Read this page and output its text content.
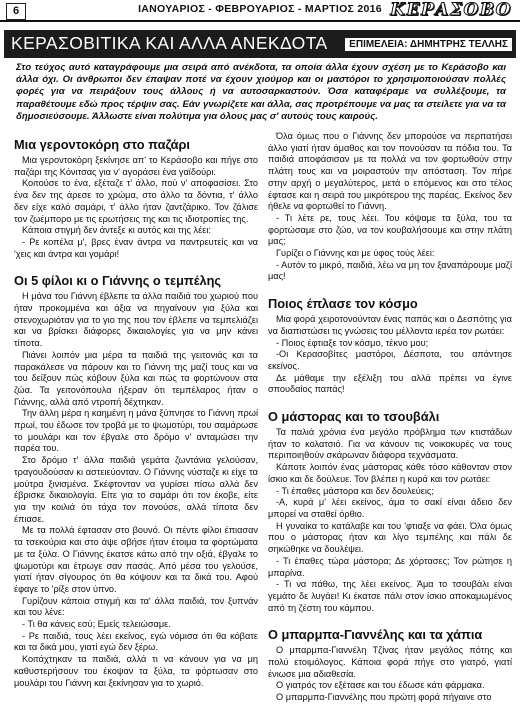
6	ΙΑΝΟΥΑΡΙΟΣ - ΦΕΒΡΟΥΑΡΙΟΣ - ΜΑΡΤΙΟΣ 2016 ΚΕΡΑΣΟΒΟ
ΚΕΡΑΣΟΒΙΤΙΚΑ ΚΑΙ ΑΛΛΑ ΑΝΕΚΔΟΤΑ	ΕΠΙΜΕΛΕΙΑ: ΔΗΜΗΤΡΗΣ ΤΕΛΛΗΣ

Στο τεύχος αυτό καταγράφουμε μια σειρά από ανέκδοτα, τα οποία άλλα έχουν σχέση με το Κεράσοβο και άλλα όχι. Οι άνθρωποι δεν έπαψαν ποτέ να έχουν χιούμορ και οι μαστόροι το χρησιμοποιούσαν πολλές φορές για να πειράξουν τους άλλους ή να αυτοσαρκαστούν. Όσα καταφέραμε να συλλέξουμε, τα παραθέτουμε εδώ προς τέρψιν σας. Εάν γνωρίζετε και άλλα, σας προτρέπουμε να μας τα στείλετε για να τα δημοσιεύσουμε. Άλλωστε είναι πολύτιμα για όλους μας σ' αυτούς τους καιρούς.

Μια γεροντοκόρη στο παζάρι

Μια γεροντοκόρη ξεκίνησε απ' το Κεράσοβο και πήγε στο παζάρι της Κόνιτσας για ν' αγοράσει ένα γαϊδούρι.

Κοιτούσε το ένα, εξέταζε τ' άλλο, πού ν' αποφασίσει. Στο ένα δεν της άρεσε το χρώμα, στο άλλο τα δόντια, τ' άλλο δεν είχε καλό σαμάρι, τ' άλλο ήταν ζαντζάρικο. Τον ζάλισε τον ζωέμπορο με τις ερωτήσεις της και τις ιδιοτροπίες της.

Κάποια στιγμή δεν άντεξε κι αυτός και της λέει:

- Ρε κοπέλα μ', βρες έναν άντρα να παντρευτείς και να 'χεις και άντρα και γομάρι!

Οι 5 φίλοι κι ο Γιάννης ο τεμπέλης

Η μάνα του Γιάννη έβλεπε τα άλλα παιδιά του χωριού που ήταν προκομμένα και άξια να πηγαίνουν για ξύλα και στενοχωριόταν για το γιο της που τον έβλεπε να τεμπελιάζει και να βρίσκει διάφορες δικαιολογίες για να μην κάνει τίποτα.

Πιάνει λοιπόν μια μέρα τα παιδιά της γειτονιάς και τα παρακάλεσε να πάρουν και το Γιάννη της μαζί τους και να του δείξουν πώς κόβουν ξύλα και πώς τα φορτώνουν στα ζώα. Τα γειτονόπουλα ήξεραν ότι τεμπέλαρος ήταν ο Γιάννης, αλλά από ντροπή δέχτηκαν.

Την άλλη μέρα η καημένη η μάνα ξύπνησε το Γιάννη πρωί πρωί, του έδωσε τον τροβά με το ψωμοτύρι, του σαμάρωσε το μουλάρι και τον έβγαλε στο δρόμο ν' ανταμώσει την παρέα του.

Στο δρόμο τ' άλλα παιδιά γεμάτα ζωντάνια γελούσαν, τραγουδούσαν κι αστειεύονταν. Ο Γιάννης νύσταζε κι είχε τα μούτρα ξινισμένα. Σκέφτονταν να γυρίσει πίσω αλλά δεν έβρισκε δικαιολογία. Είτε για το σαμάρι ότι τον έκοβε, είτε για την κοιλιά ότι τάχα τον πονούσε, αλλά τίποτα δεν έπιασε.

Με τα πολλά έφτασαν στο βουνό. Οι πέντε φίλοι έπιασαν τα τσεκούρια και στο άψε σβήσε ήταν έτοιμα τα φορτώματα με τα ξύλα. Ο Γιάννης έκατσε κάτω από την οξιά, έβγαλε το ψωμοτύρι και έτρωγε σαν πασάς. Από μέσα του γελούσε, γιατί ήταν σίγουρος ότι θα κόψουν και τα δικά του. Αφού έφαγε το 'ρίξε στον ύπνο.

Γυρίζουν κάποια στιγμή και τα' άλλα παιδιά, τον ξυπνάν και του λένε:

- Τι θα κάνεις εσύ; Εμείς τελειώσαμε.

- Ρε παιδιά, τους λέει εκείνος, εγώ νόμισα ότι θα κόβατε και τα δικά μου, γιατί εγώ δεν ξέρω.

Κοιτάχτηκαν τα παιδιά, αλλά τι να κάνουν για να μη καθυστερήσουν του έκοψαν τα ξύλα, τα φόρτωσαν στο μουλάρι του Γιάννη και ξεκίνησαν για το χωριό.

Όλα όμως που ο Γιάννης δεν μπορούσε να περπατήσει άλλο γιατί ήταν άμαθος και τον πονούσαν τα πόδια του. Τα παιδιά αποφάσισαν με τα πολλά να τον φορτωθούν στην πλάτη τους και να μοιραστούν την απόσταση. Τον πήρε στην αρχή ο μεγαλύτερος, μετά ο επόμενος και στο τέλος έφτασε και η σειρά του μικρότερου της παρέας. Εκείνος δεν ήθελε να φορτωθεί το Γιάννη.

- Τι λέτε ρε, τους λέει. Του κόψαμε τα ξύλα, του τα φορτώσαμε στο ζώο, να τον κουβαλήσουμε και στην πλάτη μας;

Γυρίζει ο Γιάννης και με ύφος τούς λέει:

- Αυτόν το μικρό, παιδιά, λέω να μη τον ξαναπάρουμε μαζί μας!

Ποιος έπλασε τον κόσμο

Μια φορά χειροτονούνταν ένας παπάς και ο Δεσπότης για να διαπιστώσει τις γνώσεις του μέλλοντα ιερέα τον ρωτάει:

- Ποιος έφτιαξε τον κόσμο, τέκνο μου;

-Οι Κερασοβίτες μαστόροι, Δέσποτα, του απάντησε εκείνος.

Δε μάθαμε την εξέλιξη του αλλά πρέπει να έγινε σπουδαίος παπάς!

Ο μάστορας και το τσουβάλι

Τα παλιά χρόνια ένα μεγάλο πρόβλημα των κτιστάδων ήταν το κολατσιό. Για να κάνουν τις νοικοκυρές να τους περιποιηθούν σκάρωναν διάφορα τεχνάσματα.

Κάποτε λοιπόν ένας μάστορας κάθε τόσο κάθονταν στον ίσκιο και δε δούλευε. Τον βλέπει η κυρά και τον ρωτάει:

- Τι έπαθες μάστορα και δεν δουλεύεις;

-Α, κυρά μ' λέει εκείνος, άμα το σακί είναι άδειο δεν μπορεί να σταθεί όρθιο.

Η γυναίκα το κατάλαβε και του 'φτιαξε να φάει. Όλα όμως που ο μάστορας ήταν και λίγο τεμπέλης και πάλι δε σηκώθηκε να δουλέψει.

- Τι έπαθες τώρα μάστορα; Δε χόρτασες; Τον ρώτησε η μπαρίνα.

- Τι να πάθω, της λέει εκείνος. Άμα το τσουβάλι είναι γεμάτο δε λυγάει! Κι έκατσε πάλι στον ίσκιο αποκαμωμένος από τη ζέστη του κάμπου.

Ο μπαρμπα-Γιαννέλης και τα χάπια

Ο μπαρμπα-Γιαννέλη Τζίνας ήταν μεγάλος πότης και πολύ ετοιμόλογος. Κάποια φορά πήγε στο γιατρό, γιατί ένιωσε μια αδιαθεσία.

Ο γιατρός τον εξέτασε και του έδωσε κάτι φάρμακα.

Ο μπαρμπα-Γιαννέλης που πρώτη φορά πήγαινε στο
